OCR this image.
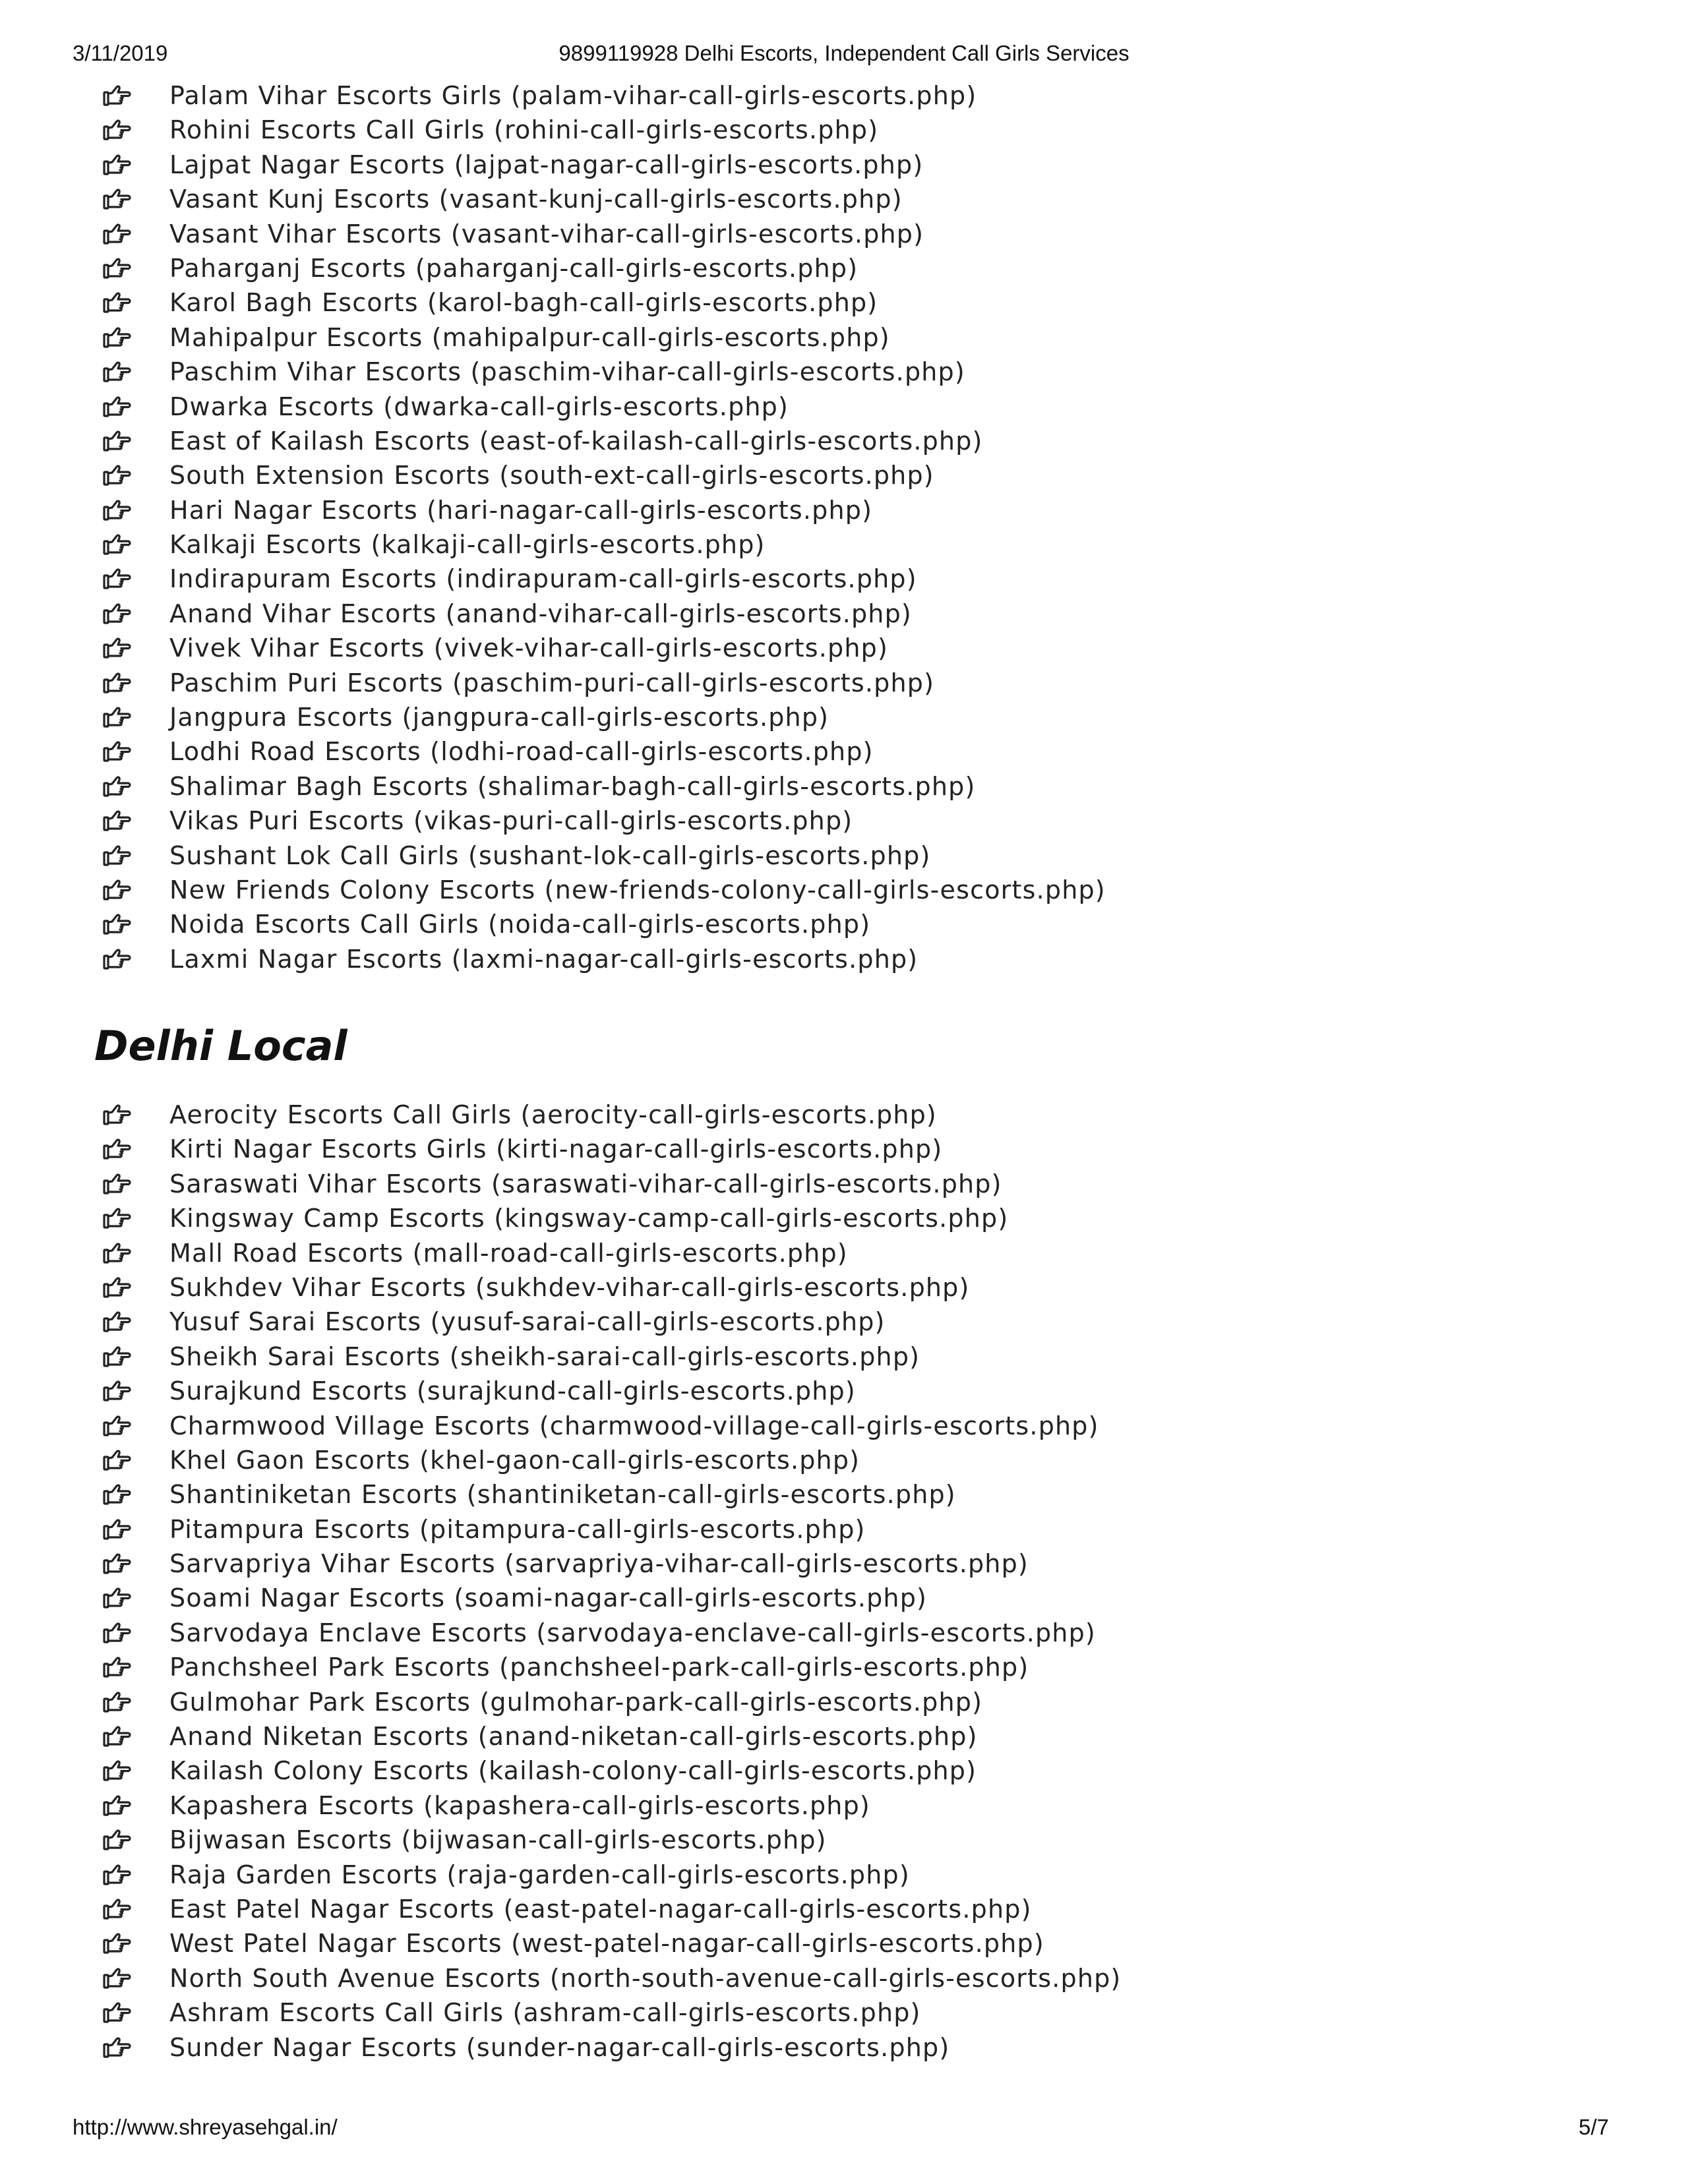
3/11/2019	9899119928 Delhi Escorts, Independent Call Girls Services
Palam Vihar Escorts Girls (palam-vihar-call-girls-escorts.php)
Rohini Escorts Call Girls (rohini-call-girls-escorts.php)
Lajpat Nagar Escorts (lajpat-nagar-call-girls-escorts.php)
Vasant Kunj Escorts (vasant-kunj-call-girls-escorts.php)
Vasant Vihar Escorts (vasant-vihar-call-girls-escorts.php)
Paharganj Escorts (paharganj-call-girls-escorts.php)
Karol Bagh Escorts (karol-bagh-call-girls-escorts.php)
Mahipalpur Escorts (mahipalpur-call-girls-escorts.php)
Paschim Vihar Escorts (paschim-vihar-call-girls-escorts.php)
Dwarka Escorts (dwarka-call-girls-escorts.php)
East of Kailash Escorts (east-of-kailash-call-girls-escorts.php)
South Extension Escorts (south-ext-call-girls-escorts.php)
Hari Nagar Escorts (hari-nagar-call-girls-escorts.php)
Kalkaji Escorts (kalkaji-call-girls-escorts.php)
Indirapuram Escorts (indirapuram-call-girls-escorts.php)
Anand Vihar Escorts (anand-vihar-call-girls-escorts.php)
Vivek Vihar Escorts (vivek-vihar-call-girls-escorts.php)
Paschim Puri Escorts (paschim-puri-call-girls-escorts.php)
Jangpura Escorts (jangpura-call-girls-escorts.php)
Lodhi Road Escorts (lodhi-road-call-girls-escorts.php)
Shalimar Bagh Escorts (shalimar-bagh-call-girls-escorts.php)
Vikas Puri Escorts (vikas-puri-call-girls-escorts.php)
Sushant Lok Call Girls (sushant-lok-call-girls-escorts.php)
New Friends Colony Escorts (new-friends-colony-call-girls-escorts.php)
Noida Escorts Call Girls (noida-call-girls-escorts.php)
Laxmi Nagar Escorts (laxmi-nagar-call-girls-escorts.php)
Delhi Local
Aerocity Escorts Call Girls (aerocity-call-girls-escorts.php)
Kirti Nagar Escorts Girls (kirti-nagar-call-girls-escorts.php)
Saraswati Vihar Escorts (saraswati-vihar-call-girls-escorts.php)
Kingsway Camp Escorts (kingsway-camp-call-girls-escorts.php)
Mall Road Escorts (mall-road-call-girls-escorts.php)
Sukhdev Vihar Escorts (sukhdev-vihar-call-girls-escorts.php)
Yusuf Sarai Escorts (yusuf-sarai-call-girls-escorts.php)
Sheikh Sarai Escorts (sheikh-sarai-call-girls-escorts.php)
Surajkund Escorts (surajkund-call-girls-escorts.php)
Charmwood Village Escorts (charmwood-village-call-girls-escorts.php)
Khel Gaon Escorts (khel-gaon-call-girls-escorts.php)
Shantiniketan Escorts (shantiniketan-call-girls-escorts.php)
Pitampura Escorts (pitampura-call-girls-escorts.php)
Sarvapriya Vihar Escorts (sarvapriya-vihar-call-girls-escorts.php)
Soami Nagar Escorts (soami-nagar-call-girls-escorts.php)
Sarvodaya Enclave Escorts (sarvodaya-enclave-call-girls-escorts.php)
Panchsheel Park Escorts (panchsheel-park-call-girls-escorts.php)
Gulmohar Park Escorts (gulmohar-park-call-girls-escorts.php)
Anand Niketan Escorts (anand-niketan-call-girls-escorts.php)
Kailash Colony Escorts (kailash-colony-call-girls-escorts.php)
Kapashera Escorts (kapashera-call-girls-escorts.php)
Bijwasan Escorts (bijwasan-call-girls-escorts.php)
Raja Garden Escorts (raja-garden-call-girls-escorts.php)
East Patel Nagar Escorts (east-patel-nagar-call-girls-escorts.php)
West Patel Nagar Escorts (west-patel-nagar-call-girls-escorts.php)
North South Avenue Escorts (north-south-avenue-call-girls-escorts.php)
Ashram Escorts Call Girls (ashram-call-girls-escorts.php)
Sunder Nagar Escorts (sunder-nagar-call-girls-escorts.php)
http://www.shreyasehgal.in/	5/7
